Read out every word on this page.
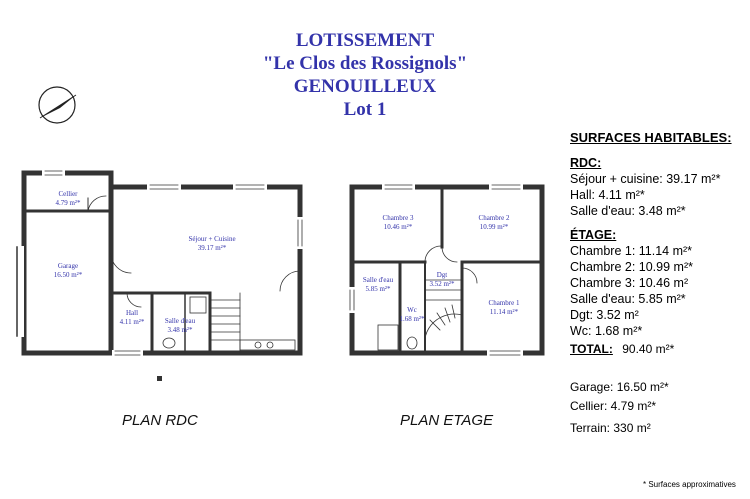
LOTISSEMENT
"Le Clos des Rossignols"
GENOUILLEUX
Lot 1
Cellier
4.79 m²*
Garage
16.50 m²*
Séjour + Cuisine
39.17 m²*
Hall
4.11 m²*	Salle d'eau
3.48 m²*
Chambre 3
10.46 m²*
Chambre 2
10.99 m²*
Salle d'eau
5.85 m²*
Dgt
3.52 m²*
Wc
1.68 m²*
Chambre 1
11.14 m²*
PLAN RDC	PLAN ETAGE
SURFACES HABITABLES:
RDC:
Séjour + cuisine: 39.17 m²*
Hall: 4.11 m²*
Salle d'eau: 3.48 m²*
ÉTAGE:
Chambre 1: 11.14 m²*
Chambre 2: 10.99 m²*
Chambre 3: 10.46 m²
Salle d'eau: 5.85 m²*
Dgt: 3.52 m²
Wc: 1.68 m²*
TOTAL: 90.40 m²*
Garage: 16.50 m²*
Cellier: 4.79 m²*
Terrain: 330 m²
* Surfaces approximatives
